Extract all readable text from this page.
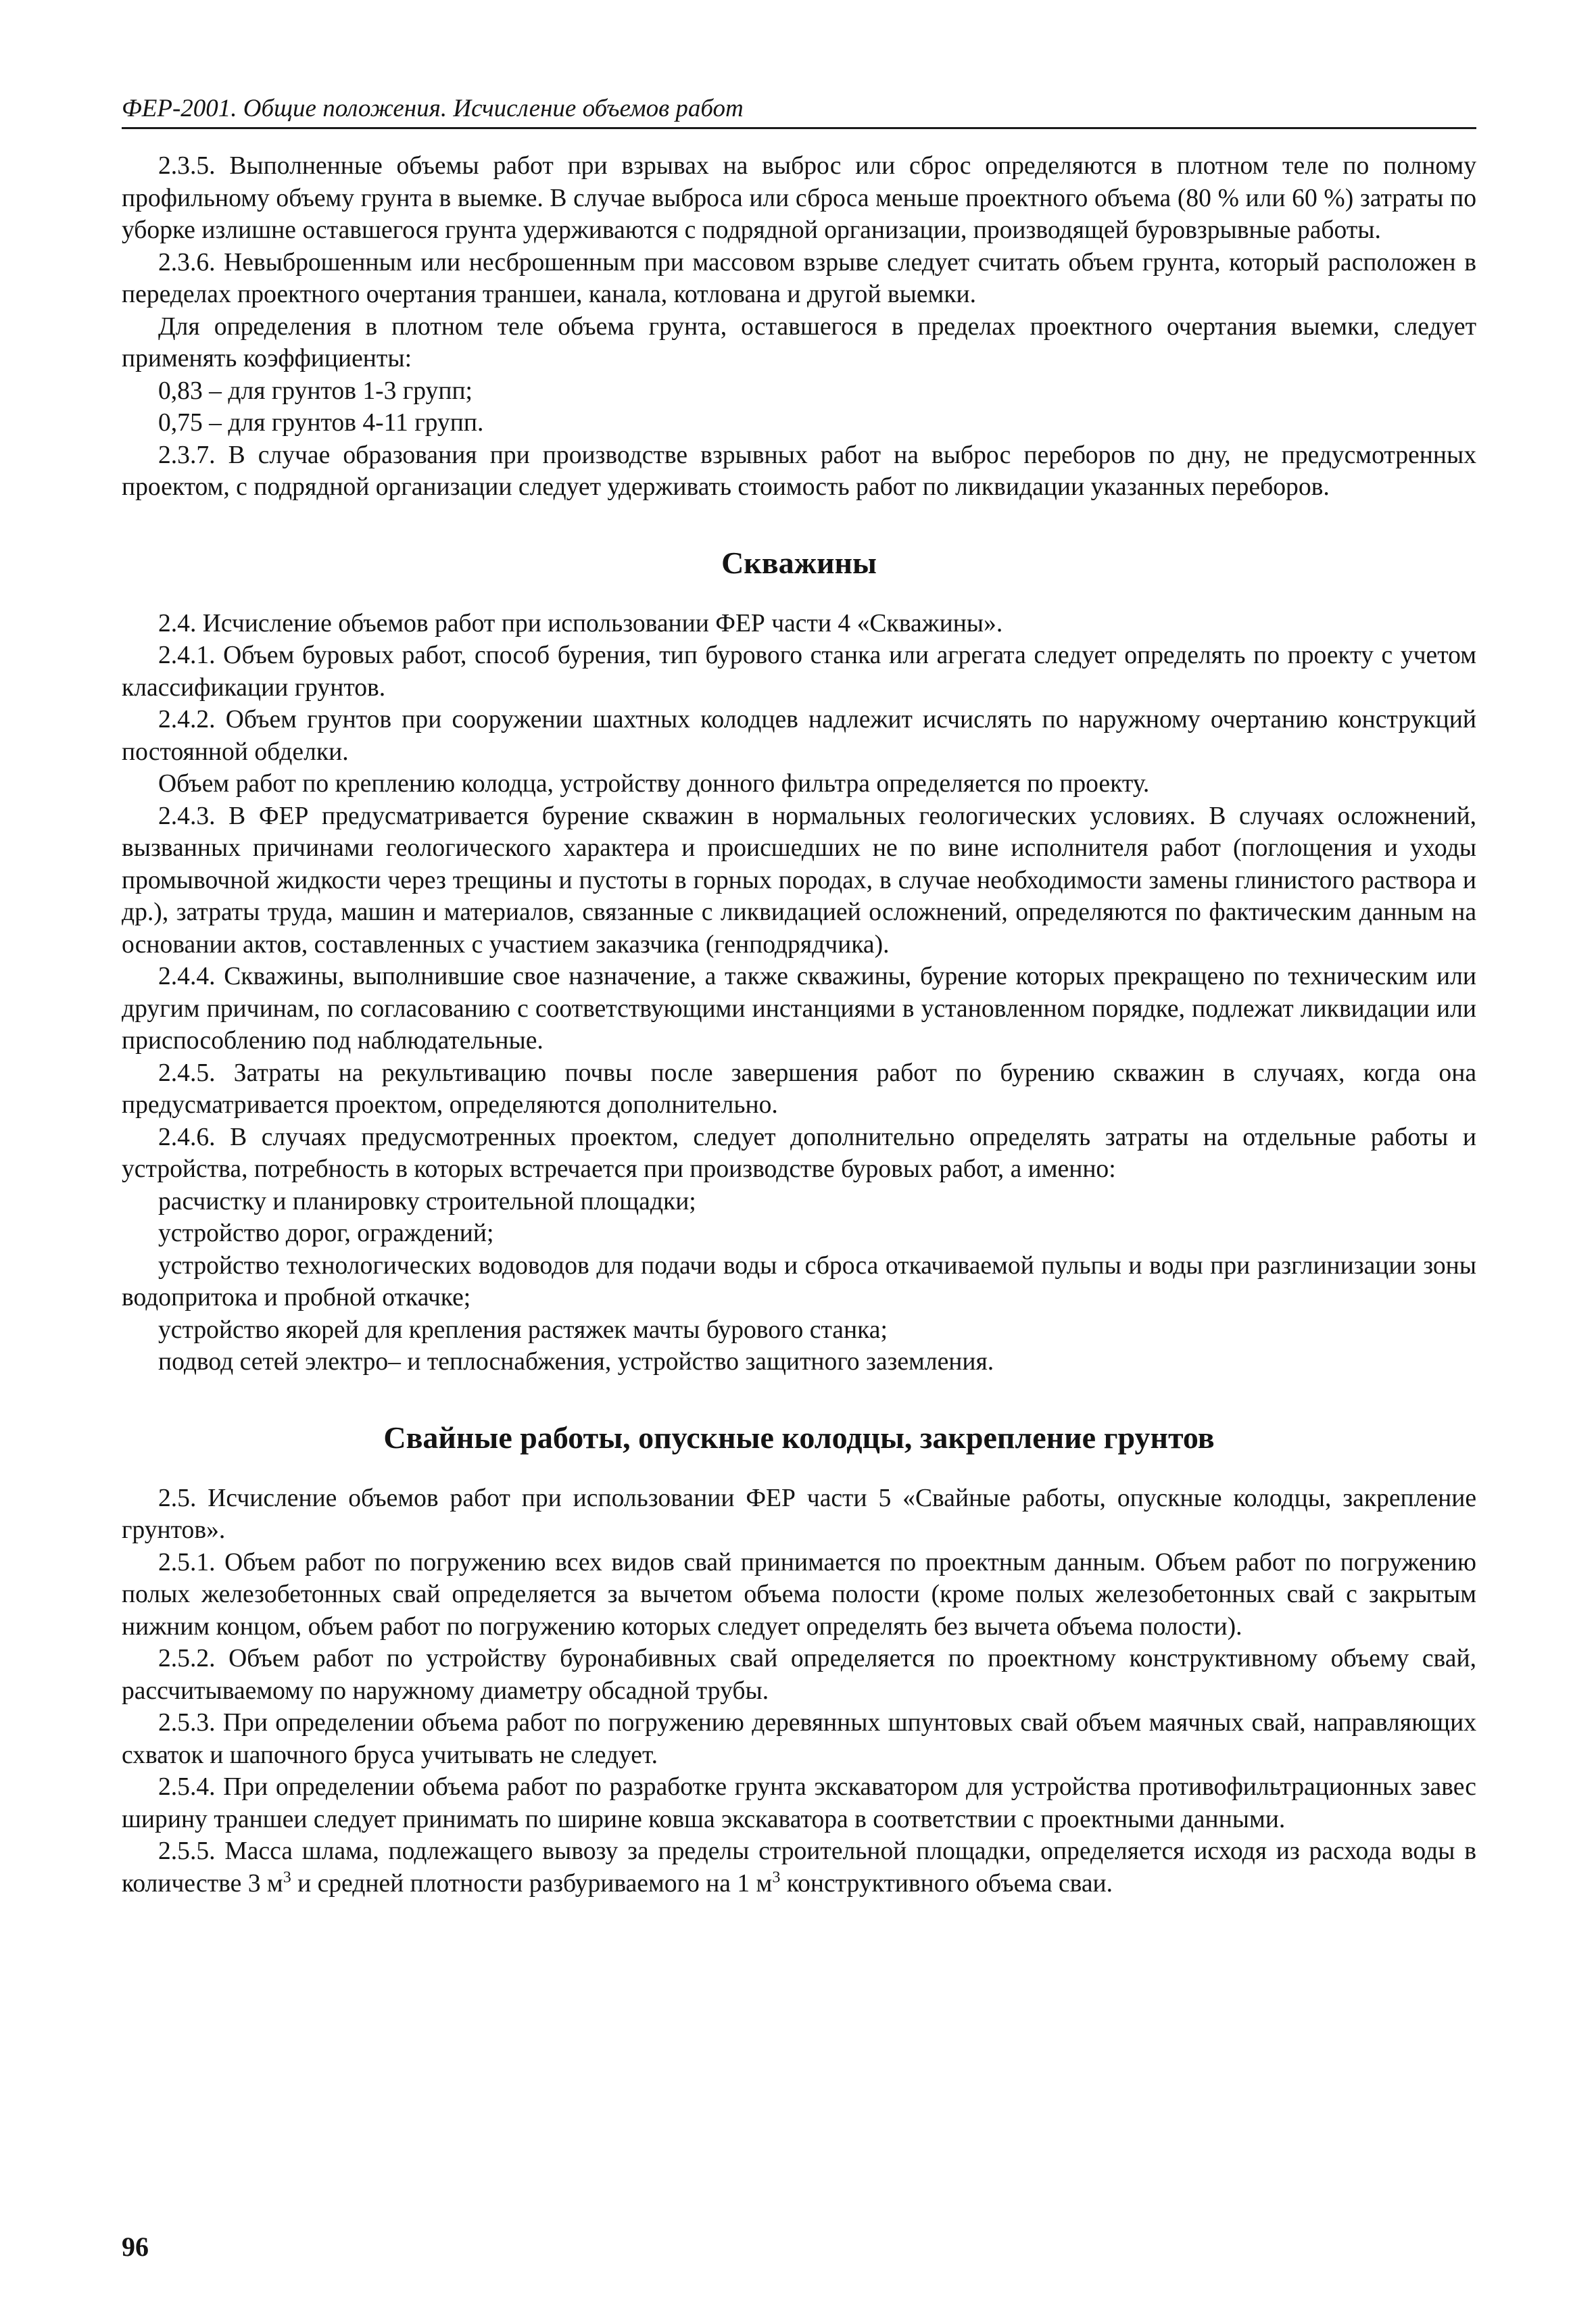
ФЕР-2001. Общие положения. Исчисление объемов работ

2.3.5. Выполненные объемы работ при взрывах на выброс или сброс определяются в плотном теле по полному профильному объему грунта в выемке. В случае выброса или сброса меньше проектного объема (80 % или 60 %) затраты по уборке излишне оставшегося грунта удерживаются с подрядной организации, производящей буровзрывные работы.

2.3.6. Невыброшенным или несброшенным при массовом взрыве следует считать объем грунта, который расположен в переделах проектного очертания траншеи, канала, котлована и другой выемки.

Для определения в плотном теле объема грунта, оставшегося в пределах проектного очертания выемки, следует применять коэффициенты:

0,83 – для грунтов 1-3 групп;

0,75 – для грунтов 4-11 групп.

2.3.7. В случае образования при производстве взрывных работ на выброс переборов по дну, не предусмотренных проектом, с подрядной организации следует удерживать стоимость работ по ликвидации указанных переборов.

Скважины

2.4. Исчисление объемов работ при использовании ФЕР части 4 «Скважины».

2.4.1. Объем буровых работ, способ бурения, тип бурового станка или агрегата следует определять по проекту с учетом классификации грунтов.

2.4.2. Объем грунтов при сооружении шахтных колодцев надлежит исчислять по наружному очертанию конструкций постоянной обделки.

Объем работ по креплению колодца, устройству донного фильтра определяется по проекту.

2.4.3. В ФЕР предусматривается бурение скважин в нормальных геологических условиях. В случаях осложнений, вызванных причинами геологического характера и происшедших не по вине исполнителя работ (поглощения и уходы промывочной жидкости через трещины и пустоты в горных породах, в случае необходимости замены глинистого раствора и др.), затраты труда, машин и материалов, связанные с ликвидацией осложнений, определяются по фактическим данным на основании актов, составленных с участием заказчика (генподрядчика).

2.4.4. Скважины, выполнившие свое назначение, а также скважины, бурение которых прекращено по техническим или другим причинам, по согласованию с соответствующими инстанциями в установленном порядке, подлежат ликвидации или приспособлению под наблюдательные.

2.4.5. Затраты на рекультивацию почвы после завершения работ по бурению скважин в случаях, когда она предусматривается проектом, определяются дополнительно.

2.4.6. В случаях предусмотренных проектом, следует дополнительно определять затраты на отдельные работы и устройства, потребность в которых встречается при производстве буровых работ, а именно:

расчистку и планировку строительной площадки;

устройство дорог, ограждений;

устройство технологических водоводов для подачи воды и сброса откачиваемой пульпы и воды при разглинизации зоны водопритока и пробной откачке;

устройство якорей для крепления растяжек мачты бурового станка;

подвод сетей электро– и теплоснабжения, устройство защитного заземления.

Свайные работы, опускные колодцы, закрепление грунтов

2.5. Исчисление объемов работ при использовании ФЕР части 5 «Свайные работы, опускные колодцы, закрепление грунтов».

2.5.1. Объем работ по погружению всех видов свай принимается по проектным данным. Объем работ по погружению полых железобетонных свай определяется за вычетом объема полости (кроме полых железобетонных свай с закрытым нижним концом, объем работ по погружению которых следует определять без вычета объема полости).

2.5.2. Объем работ по устройству буронабивных свай определяется по проектному конструктивному объему свай, рассчитываемому по наружному диаметру обсадной трубы.

2.5.3. При определении объема работ по погружению деревянных шпунтовых свай объем маячных свай, направляющих схваток и шапочного бруса учитывать не следует.

2.5.4. При определении объема работ по разработке грунта экскаватором для устройства противофильтрационных завес ширину траншеи следует принимать по ширине ковша экскаватора в соответствии с проектными данными.

2.5.5. Масса шлама, подлежащего вывозу за пределы строительной площадки, определяется исходя из расхода воды в количестве 3 $м^3$ и средней плотности разбуриваемого на 1 $м^3$ конструктивного объема сваи.

96
